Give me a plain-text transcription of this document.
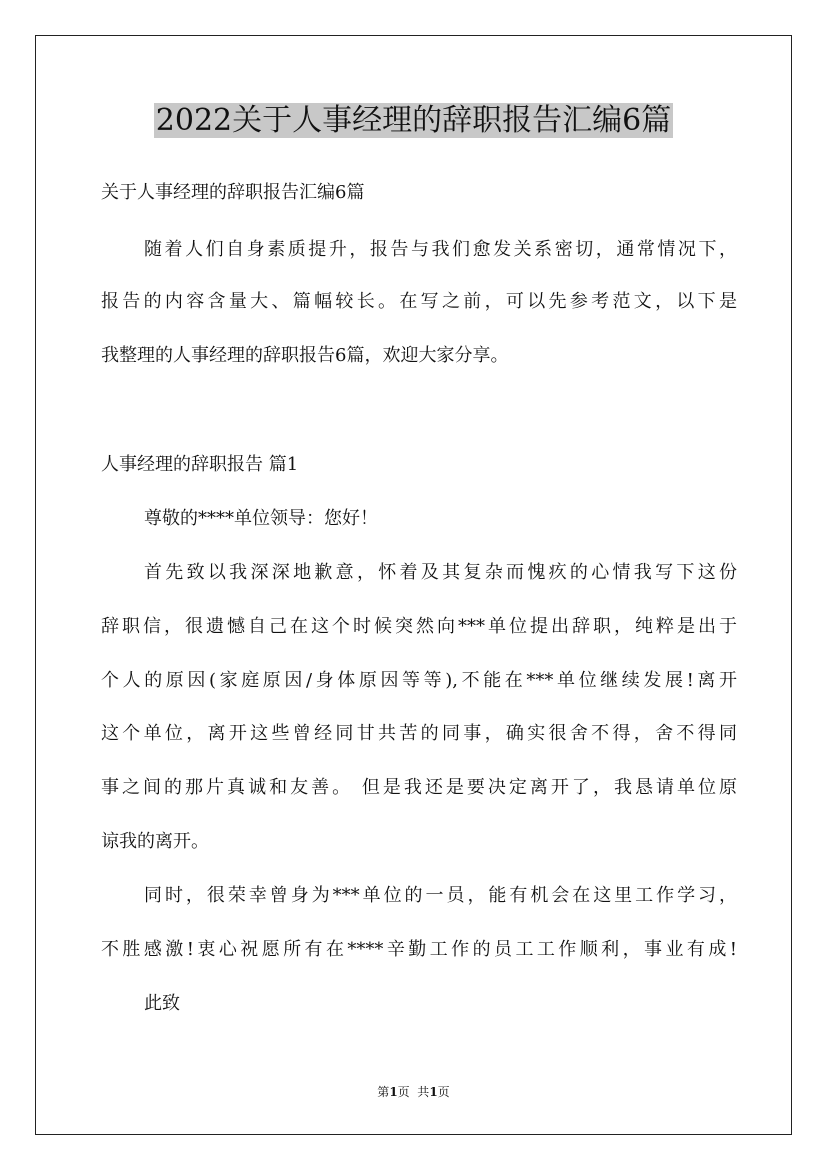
2022关于人事经理的辞职报告汇编6篇
关于人事经理的辞职报告汇编6篇
随着人们自身素质提升，报告与我们愈发关系密切，通常情况下，
报告的内容含量大、篇幅较长。在写之前，可以先参考范文，以下是
我整理的人事经理的辞职报告6篇，欢迎大家分享。
人事经理的辞职报告 篇1
尊敬的****单位领导：您好！
首先致以我深深地歉意，怀着及其复杂而愧疚的心情我写下这份
辞职信，很遗憾自己在这个时候突然向***单位提出辞职，纯粹是出于
个人的原因(家庭原因/身体原因等等),不能在***单位继续发展!离开
这个单位，离开这些曾经同甘共苦的同事，确实很舍不得，舍不得同
事之间的那片真诚和友善。 但是我还是要决定离开了，我恳请单位原
谅我的离开。
同时，很荣幸曾身为***单位的一员，能有机会在这里工作学习，
不胜感激!衷心祝愿所有在****辛勤工作的员工工作顺利，事业有成!
此致
第1页  共1页
